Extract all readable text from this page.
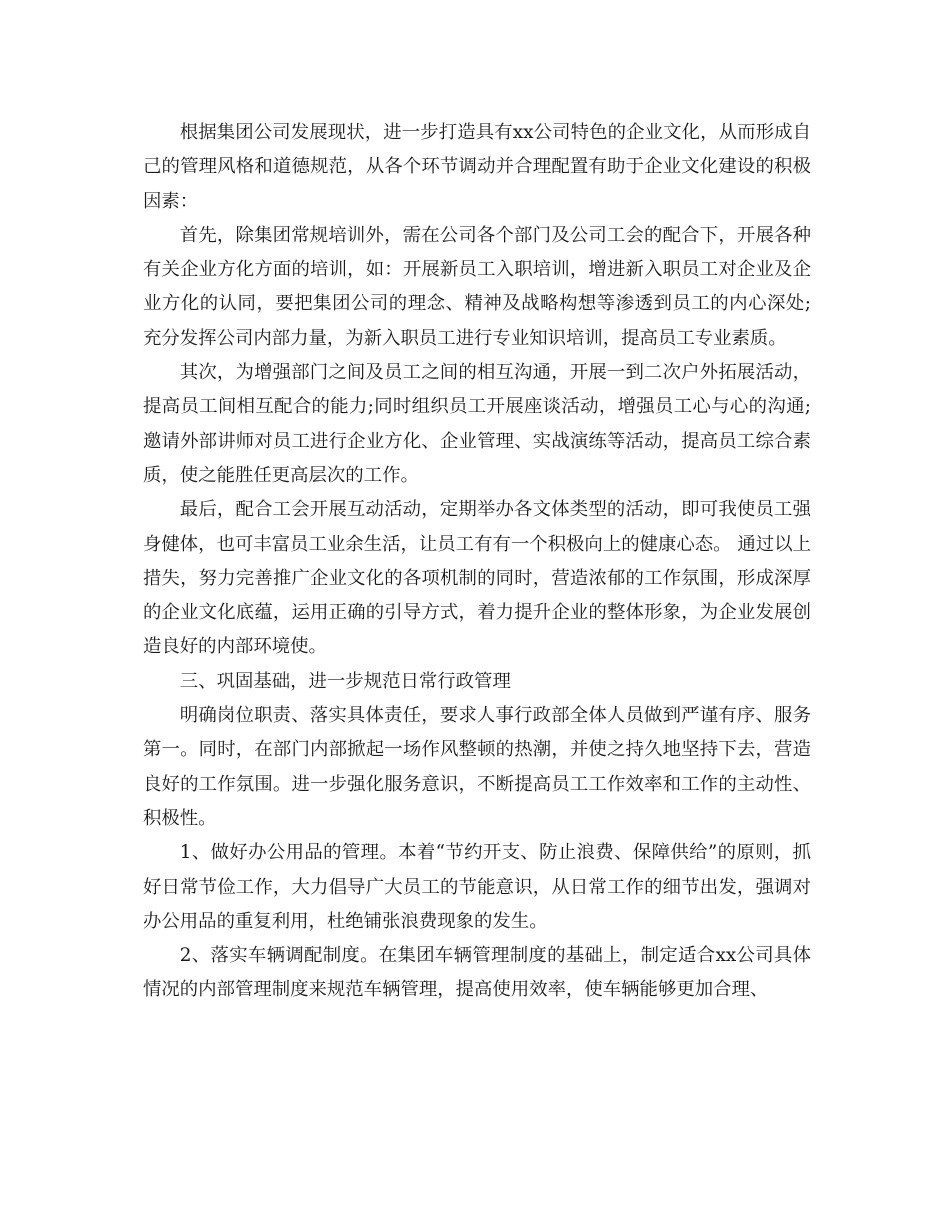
根据集团公司发展现状，进一步打造具有xx公司特色的企业文化，从而形成自己的管理风格和道德规范，从各个环节调动并合理配置有助于企业文化建设的积极因素：

首先，除集团常规培训外，需在公司各个部门及公司工会的配合下，开展各种有关企业方化方面的培训，如：开展新员工入职培训，增进新入职员工对企业及企业方化的认同，要把集团公司的理念、精神及战略构想等渗透到员工的内心深处;充分发挥公司内部力量，为新入职员工进行专业知识培训，提高员工专业素质。

其次，为增强部门之间及员工之间的相互沟通，开展一到二次户外拓展活动，提高员工间相互配合的能力;同时组织员工开展座谈活动，增强员工心与心的沟通;邀请外部讲师对员工进行企业方化、企业管理、实战演练等活动，提高员工综合素质，使之能胜任更高层次的工作。

最后，配合工会开展互动活动，定期举办各文体类型的活动，即可我使员工强身健体，也可丰富员工业余生活，让员工有有一个积极向上的健康心态。 通过以上措失，努力完善推广企业文化的各项机制的同时，营造浓郁的工作氛围，形成深厚的企业文化底蕴，运用正确的引导方式，着力提升企业的整体形象，为企业发展创造良好的内部环境使。

三、巩固基础，进一步规范日常行政管理

明确岗位职责、落实具体责任，要求人事行政部全体人员做到严谨有序、服务第一。同时，在部门内部掀起一场作风整顿的热潮，并使之持久地坚持下去，营造良好的工作氛围。进一步强化服务意识，不断提高员工工作效率和工作的主动性、积极性。

1、做好办公用品的管理。本着“节约开支、防止浪费、保障供给”的原则，抓好日常节俭工作，大力倡导广大员工的节能意识，从日常工作的细节出发，强调对办公用品的重复利用，杜绝铺张浪费现象的发生。

2、落实车辆调配制度。在集团车辆管理制度的基础上，制定适合xx公司具体情况的内部管理制度来规范车辆管理，提高使用效率，使车辆能够更加合理、
